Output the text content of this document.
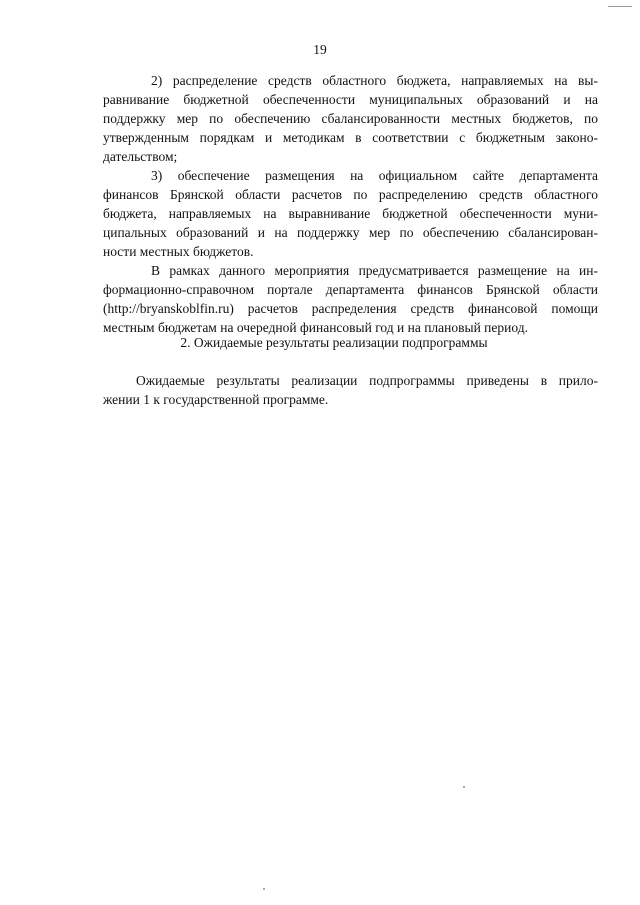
19
2) распределение средств областного бюджета, направляемых на вы-
равнивание бюджетной обеспеченности муниципальных образований и на
поддержку мер по обеспечению сбалансированности местных бюджетов, по
утвержденным порядкам и методикам в соответствии с бюджетным законо-
дательством;
3) обеспечение размещения на официальном сайте департамента
финансов Брянской области расчетов по распределению средств областного
бюджета, направляемых на выравнивание бюджетной обеспеченности муни-
ципальных образований и на поддержку мер по обеспечению сбалансирован-
ности местных бюджетов.
В рамках данного мероприятия предусматривается размещение на ин-
формационно-справочном портале департамента финансов Брянской области
(http://bryanskoblfin.ru) расчетов распределения средств финансовой помощи
местным бюджетам на очередной финансовый год и на плановый период.
2. Ожидаемые результаты реализации подпрограммы
Ожидаемые результаты реализации подпрограммы приведены в прило-
жении 1 к государственной программе.
